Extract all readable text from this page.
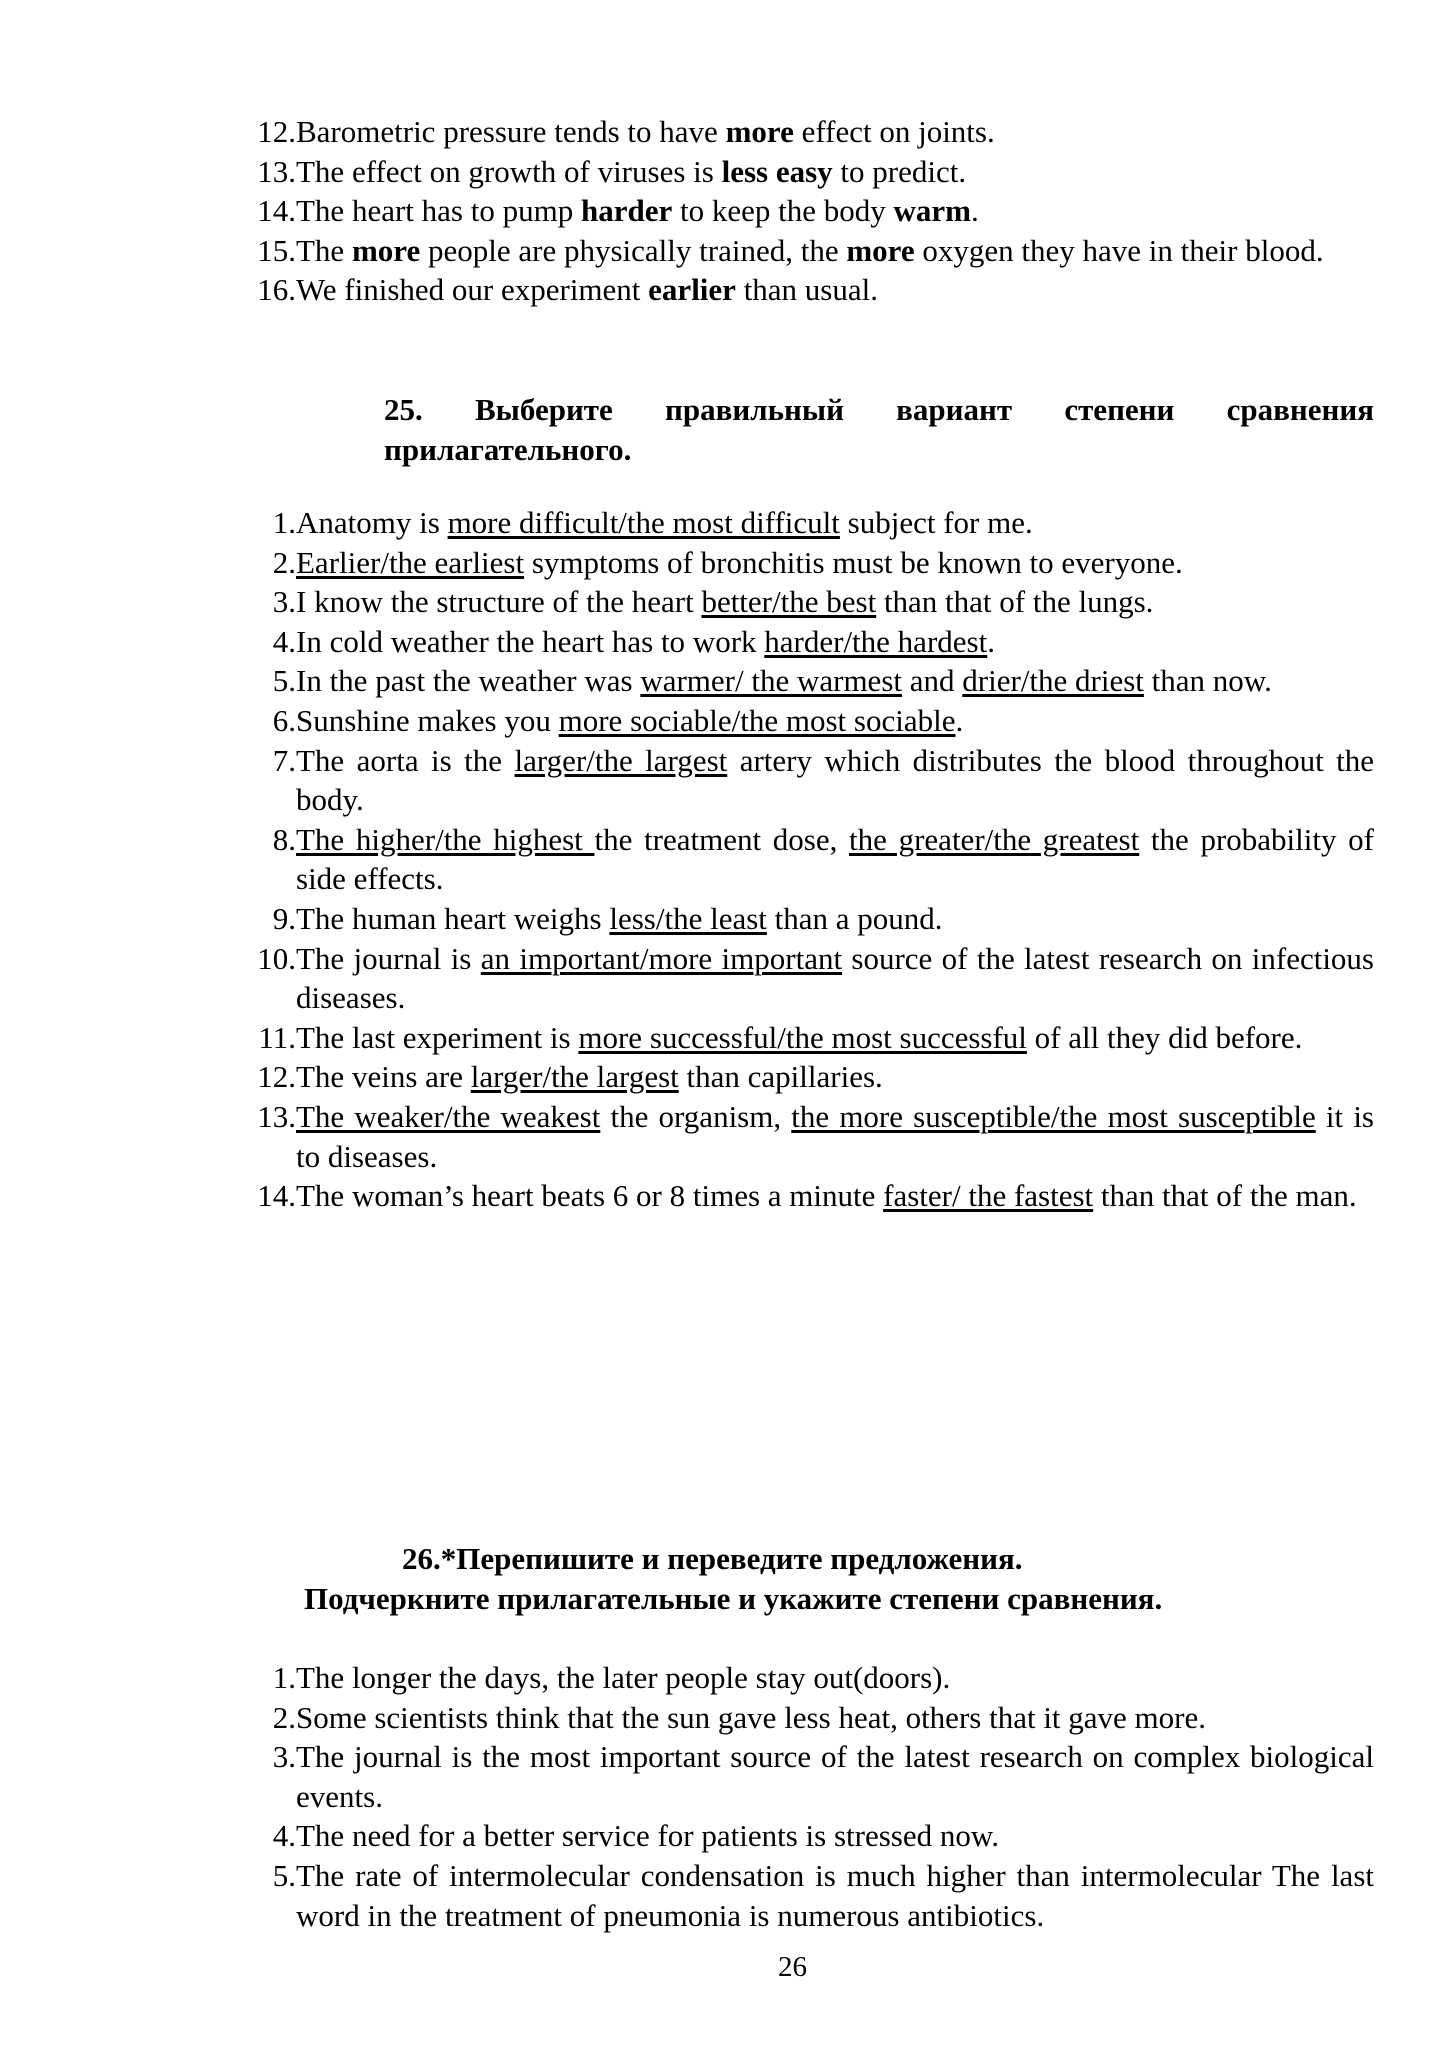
12. Barometric pressure tends to have more effect on joints.
13. The effect on growth of viruses is less easy to predict.
14. The heart has to pump harder to keep the body warm.
15. The more people are physically trained, the more oxygen they have in their blood.
16. We finished our experiment earlier than usual.
25. Выберите правильный вариант степени сравнения прилагательного.
1. Anatomy is more difficult/the most difficult subject for me.
2. Earlier/the earliest symptoms of bronchitis must be known to everyone.
3. I know the structure of the heart better/the best than that of the lungs.
4. In cold weather the heart has to work harder/the hardest.
5. In the past the weather was warmer/ the warmest and drier/the driest than now.
6. Sunshine makes you more sociable/the most sociable.
7. The aorta is the larger/the largest artery which distributes the blood throughout the body.
8. The higher/the highest the treatment dose, the greater/the greatest the probability of side effects.
9. The human heart weighs less/the least than a pound.
10. The journal is an important/more important source of the latest research on infectious diseases.
11. The last experiment is more successful/the most successful of all they did before.
12. The veins are larger/the largest than capillaries.
13. The weaker/the weakest the organism, the more susceptible/the most susceptible it is to diseases.
14. The woman’s heart beats 6 or 8 times a minute faster/ the fastest than that of the man.
26.*Перепишите и переведите предложения.
Подчеркните прилагательные и укажите степени сравнения.
1. The longer the days, the later people stay out(doors).
2. Some scientists think that the sun gave less heat, others that it gave more.
3. The journal is the most important source of the latest research on complex biological events.
4. The need for a better service for patients is stressed now.
5. The rate of intermolecular condensation is much higher than intermolecular The last word in the treatment of pneumonia is numerous antibiotics.
26
